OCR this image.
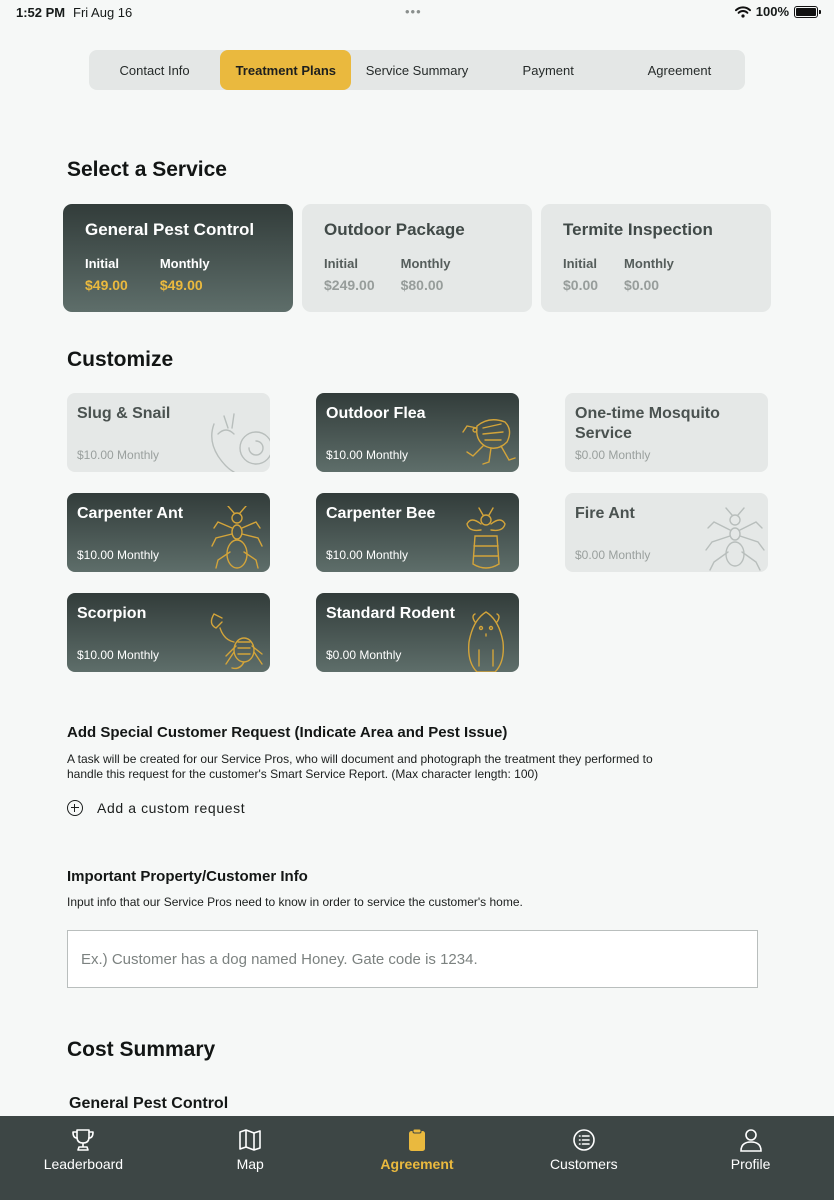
1:52 PM Fri Aug 16	•••	100%
Contact Info	Treatment Plans	Service Summary	Payment	Agreement
Select a Service
General Pest Control
Initial
$49.00
Monthly
$49.00
Outdoor Package
Initial
$249.00
Monthly
$80.00
Termite Inspection
Initial
$0.00
Monthly
$0.00
Customize
Slug & Snail
$10.00 Monthly
Outdoor Flea
$10.00 Monthly
One-time Mosquito Service
$0.00 Monthly
Carpenter Ant
$10.00 Monthly
Carpenter Bee
$10.00 Monthly
Fire Ant
$0.00 Monthly
Scorpion
$10.00 Monthly
Standard Rodent
$0.00 Monthly
Add Special Customer Request (Indicate Area and Pest Issue)
A task will be created for our Service Pros, who will document and photograph the treatment they performed to
handle this request for the customer's Smart Service Report. (Max character length: 100)
Add a custom request
Important Property/Customer Info
Input info that our Service Pros need to know in order to service the customer's home.
Ex.) Customer has a dog named Honey. Gate code is 1234.
Cost Summary
General Pest Control
Leaderboard	Map	Agreement	Customers	Profile
